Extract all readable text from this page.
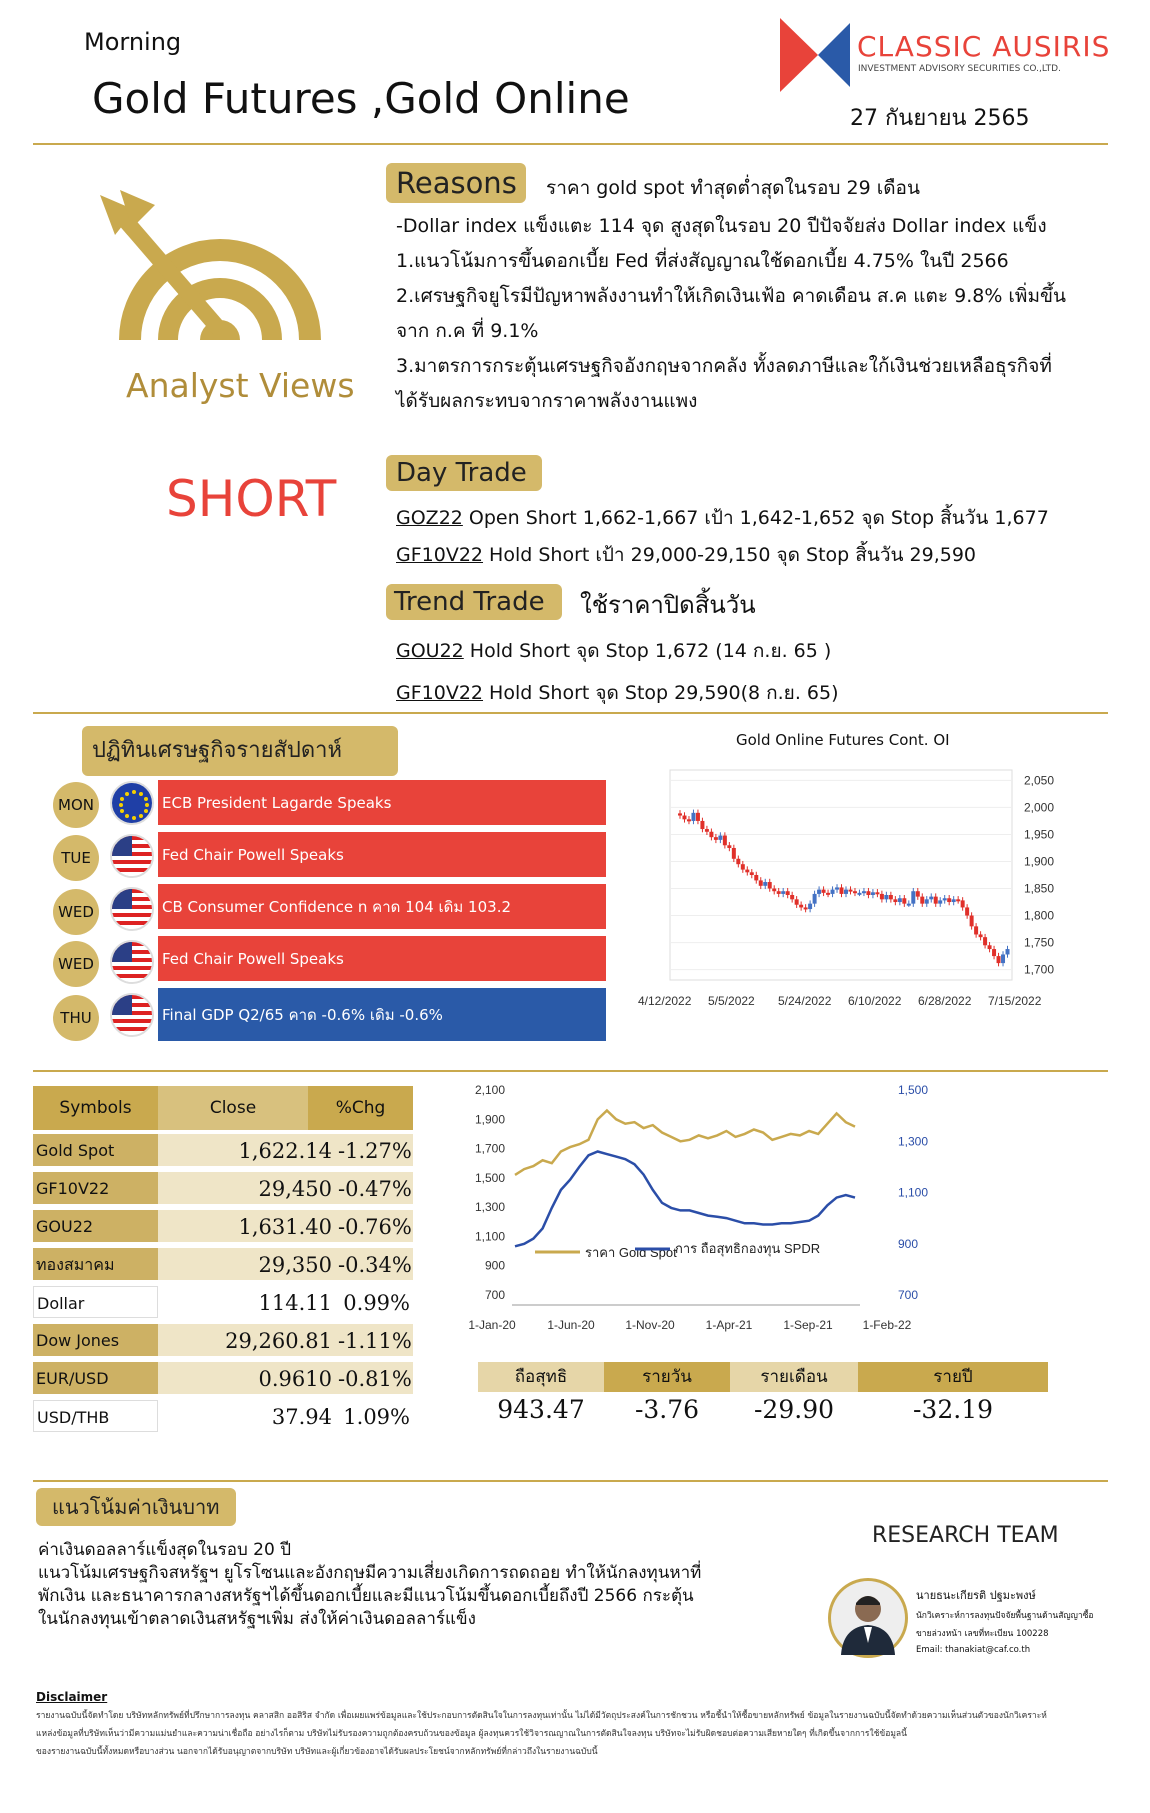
Morning
Gold Futures ,Gold Online
CLASSIC AUSIRIS
INVESTMENT ADVISORY SECURITIES CO.,LTD.
27 กันยายน 2565
Analyst Views
SHORT
Reasons	ราคา gold spot ทำสุดต่ำสุดในรอบ 29 เดือน
-Dollar index แข็งแตะ 114 จุด สูงสุดในรอบ 20 ปีปัจจัยส่ง Dollar index แข็ง
1.แนวโน้มการขึ้นดอกเบี้ย Fed ที่ส่งสัญญาณใช้ดอกเบี้ย 4.75% ในปี 2566
2.เศรษฐกิจยูโรมีปัญหาพลังงานทำให้เกิดเงินเฟ้อ คาดเดือน ส.ค แตะ 9.8% เพิ่มขึ้น
จาก ก.ค ที่ 9.1%
3.มาตรการกระตุ้นเศรษฐกิจอังกฤษจากคลัง ทั้งลดภาษีและใก้เงินช่วยเหลือธุรกิจที่
ได้รับผลกระทบจากราคาพลังงานแพง
Day Trade
GOZ22 Open Short 1,662-1,667 เป้า 1,642-1,652 จุด Stop สิ้นวัน 1,677
GF10V22 Hold Short เป้า 29,000-29,150 จุด Stop สิ้นวัน 29,590
Trend Trade	ใช้ราคาปิดสิ้นวัน
GOU22 Hold Short จุด Stop 1,672 (14 ก.ย. 65 )
GF10V22 Hold Short จุด Stop 29,590(8 ก.ย. 65)
ปฏิทินเศรษฐกิจรายสัปดาห์
MON	ECB President Lagarde Speaks
TUE	Fed Chair Powell Speaks
WED	CB Consumer Confidence n คาด 104 เดิม 103.2
WED	Fed Chair Powell Speaks
THU	Final GDP Q2/65 คาด -0.6% เดิม -0.6%
Gold Online Futures Cont. OI
2,050
2,000
1,950
1,900
1,850
1,800
1,750
1,700
4/12/2022 5/5/2022 5/24/2022 6/10/2022 6/28/2022 7/15/2022
Symbols	Close	%Chg
Gold Spot	1,622.14 -1.27%
GF10V22	29,450 -0.47%
GOU22	1,631.40 -0.76%
ทองสมาคม	29,350 -0.34%
Dollar	114.11 0.99%
Dow Jones	29,260.81 -1.11%
EUR/USD	0.9610 -0.81%
USD/THB	37.94 1.09%
2,100
1,900
1,700
1,500
1,300
1,100
900
700
1,500
1,300
1,100
900
700
ราคา Gold Spot
การ ถือสุทธิกองทุน SPDR
1-Jan-20	1-Jun-20	1-Nov-20	1-Apr-21	1-Sep-21 1-Feb-22
ถือสุทธิ	รายวัน	รายเดือน	รายปี
943.47	-3.76	-29.90	-32.19
แนวโน้มค่าเงินบาท
ค่าเงินดอลลาร์แข็งสุดในรอบ 20 ปี
แนวโน้มเศรษฐกิจสหรัฐฯ ยูโรโซนและอังกฤษมีความเสี่ยงเกิดการถดถอย ทำให้นักลงทุนหาที่
พักเงิน และธนาคารกลางสหรัฐฯได้ขึ้นดอกเบี้ยและมีแนวโน้มขึ้นดอกเบี้ยถึงปี 2566 กระตุ้น
ในนักลงทุนเข้าตลาดเงินสหรัฐฯเพิ่ม ส่งให้ค่าเงินดอลลาร์แข็ง
RESEARCH TEAM
นายธนะเกียรติ ปฐมะพงษ์
นักวิเคราะห์การลงทุนปัจจัยพื้นฐานด้านสัญญาซื้อ
ขายล่วงหน้า เลขที่ทะเบียน 100228
Email: thanakiat@caf.co.th
Disclaimer
รายงานฉบับนี้จัดทำโดย บริษัทหลักทรัพย์ที่ปรึกษาการลงทุน คลาสสิก ออสิริส จำกัด เพื่อเผยแพร่ข้อมูลและใช้ประกอบการตัดสินใจในการลงทุนเท่านั้น ไม่ได้มีวัตถุประสงค์ในการชักชวน หรือชี้นำให้ซื้อขายหลักทรัพย์ ข้อมูลในรายงานฉบับนี้จัดทำด้วยความเห็นส่วนตัวของนักวิเคราะห์
แหล่งข้อมูลที่บริษัทเห็นว่ามีความแม่นยำและความน่าเชื่อถือ อย่างไรก็ตาม บริษัทไม่รับรองความถูกต้องครบถ้วนของข้อมูล ผู้ลงทุนควรใช้วิจารณญาณในการตัดสินใจลงทุน บริษัทจะไม่รับผิดชอบต่อความเสียหายใดๆ ที่เกิดขึ้นจากการใช้ข้อมูลนี้
ของรายงานฉบับนี้ทั้งหมดหรือบางส่วน นอกจากได้รับอนุญาตจากบริษัท บริษัทและผู้เกี่ยวข้องอาจได้รับผลประโยชน์จากหลักทรัพย์ที่กล่าวถึงในรายงานฉบับนี้
